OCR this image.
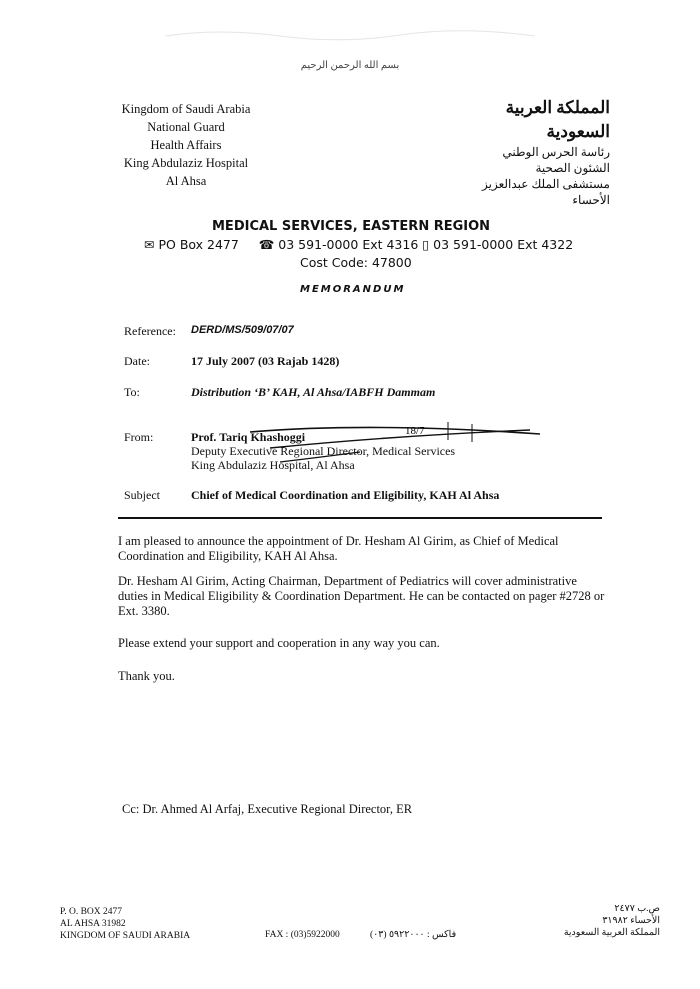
بسم الله الرحمن الرحيم
Kingdom of Saudi Arabia
National Guard
Health Affairs
King Abdulaziz Hospital
Al Ahsa
المملكة العربية السعودية
رئاسة الحرس الوطني
الشئون الصحية
مستشفى الملك عبدالعزيز
الأحساء
MEDICAL SERVICES, EASTERN REGION
✉ PO Box 2477 ☎ 03 591-0000 Ext 4316 ▯ 03 591-0000 Ext 4322
Cost Code: 47800
MEMORANDUM
Reference: DERD/MS/509/07/07
Date:	17 July 2007 (03 Rajab 1428)
To:	Distribution ‘B’ KAH, Al Ahsa/IABFH Dammam
From:	Prof. Tariq Khashoggi
Deputy Executive Regional Director, Medical Services
King Abdulaziz Hospital, Al Ahsa
18/7
Subject	Chief of Medical Coordination and Eligibility, KAH Al Ahsa
I am pleased to announce the appointment of Dr. Hesham Al Girim, as Chief of Medical Coordination and Eligibility, KAH Al Ahsa.
Dr. Hesham Al Girim, Acting Chairman, Department of Pediatrics will cover administrative duties in Medical Eligibility & Coordination Department. He can be contacted on pager #2728 or Ext. 3380.
Please extend your support and cooperation in any way you can.
Thank you.
Cc: Dr. Ahmed Al Arfaj, Executive Regional Director, ER
P. O. BOX 2477
AL AHSA 31982
KINGDOM OF SAUDI ARABIA	FAX : (03)5922000	فاكس : ٥٩٢٢٠٠٠ (٠٣)
ص.ب ٢٤٧٧
الأحساء ٣١٩٨٢
المملكة العربية السعودية
